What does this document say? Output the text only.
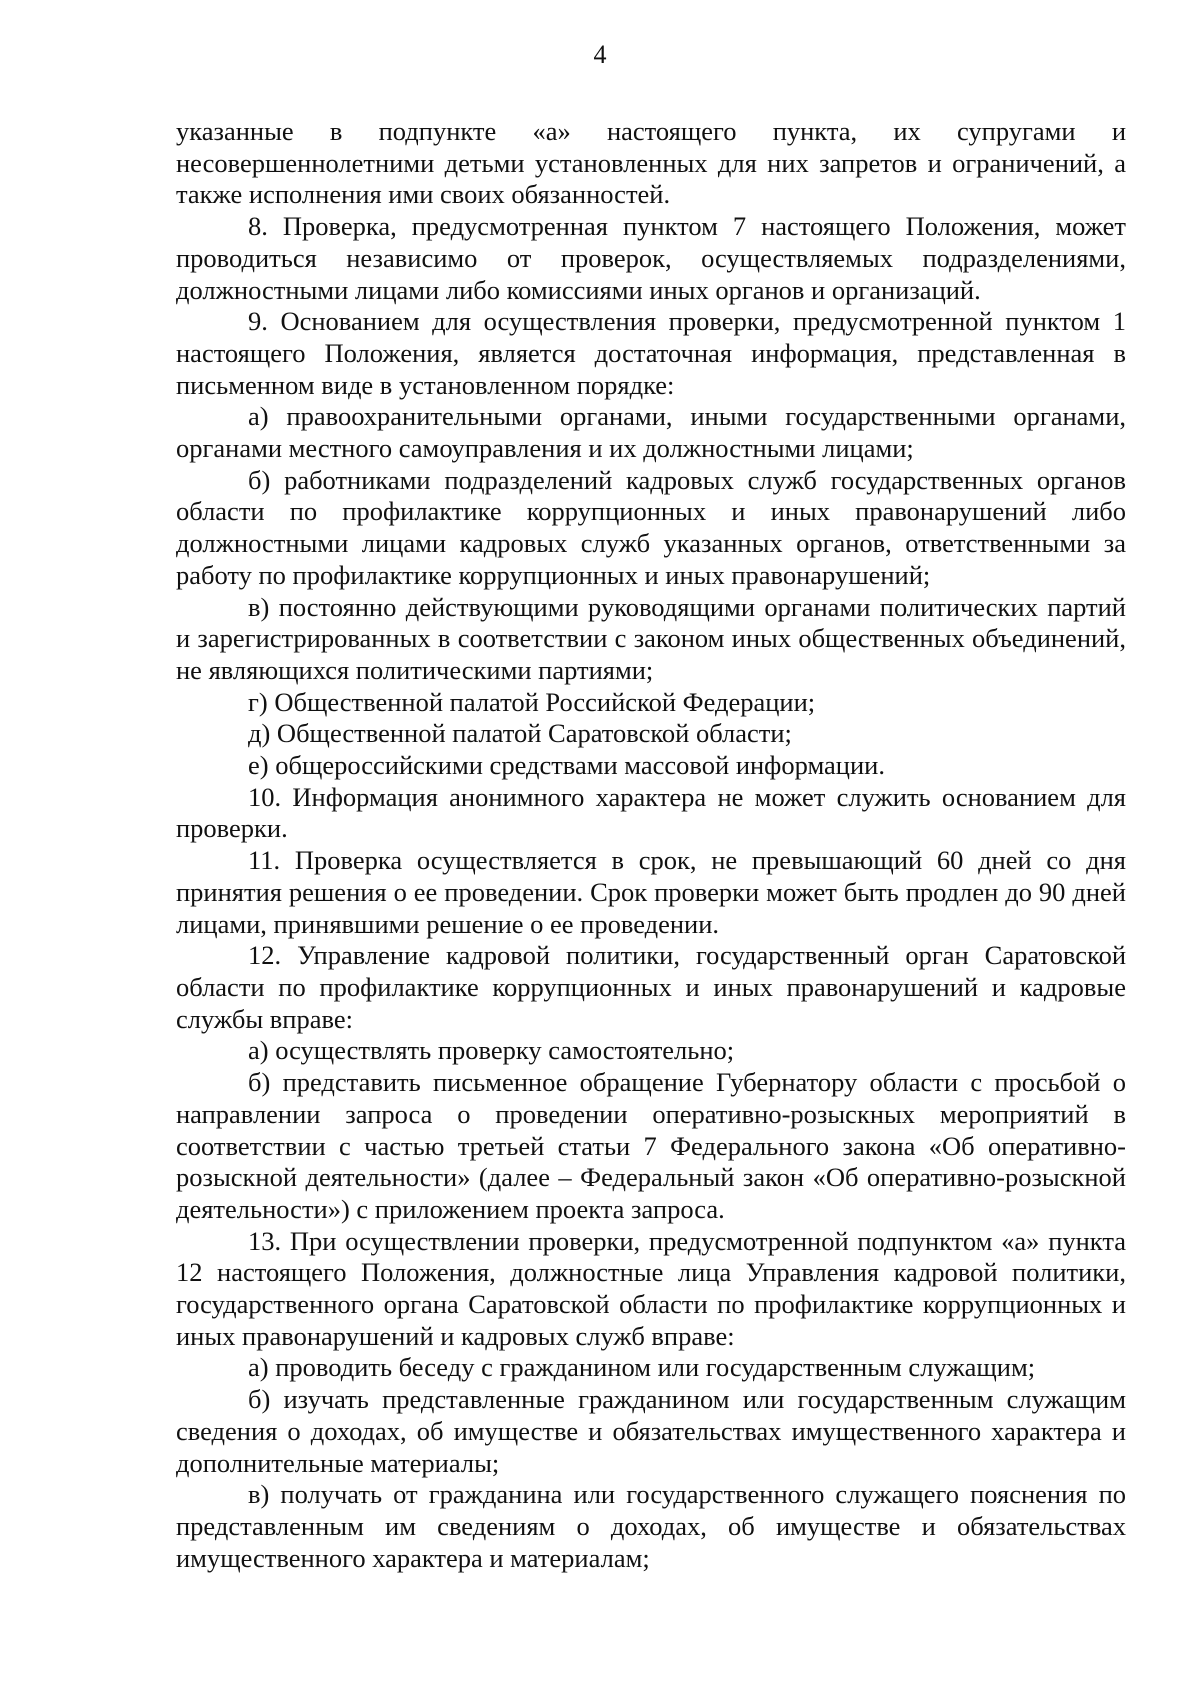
4

указанные в подпункте «а» настоящего пункта, их супругами и несовершеннолетними детьми установленных для них запретов и ограничений, а также исполнения ими своих обязанностей.

8. Проверка, предусмотренная пунктом 7 настоящего Положения, может проводиться независимо от проверок, осуществляемых подразделениями, должностными лицами либо комиссиями иных органов и организаций.

9. Основанием для осуществления проверки, предусмотренной пунктом 1 настоящего Положения, является достаточная информация, представленная в письменном виде в установленном порядке:

а) правоохранительными органами, иными государственными органами, органами местного самоуправления и их должностными лицами;

б) работниками подразделений кадровых служб государственных органов области по профилактике коррупционных и иных правонарушений либо должностными лицами кадровых служб указанных органов, ответственными за работу по профилактике коррупционных и иных правонарушений;

в) постоянно действующими руководящими органами политических партий и зарегистрированных в соответствии с законом иных общественных объединений, не являющихся политическими партиями;

г) Общественной палатой Российской Федерации;

д) Общественной палатой Саратовской области;

е) общероссийскими средствами массовой информации.

10. Информация анонимного характера не может служить основанием для проверки.

11. Проверка осуществляется в срок, не превышающий 60 дней со дня принятия решения о ее проведении. Срок проверки может быть продлен до 90 дней лицами, принявшими решение о ее проведении.

12. Управление кадровой политики, государственный орган Саратовской области по профилактике коррупционных и иных правонарушений и кадровые службы вправе:

а) осуществлять проверку самостоятельно;

б) представить письменное обращение Губернатору области с просьбой о направлении запроса о проведении оперативно-розыскных мероприятий в соответствии с частью третьей статьи 7 Федерального закона «Об оперативно-розыскной деятельности» (далее – Федеральный закон «Об оперативно-розыскной деятельности») с приложением проекта запроса.

13. При осуществлении проверки, предусмотренной подпунктом «а» пункта 12 настоящего Положения, должностные лица Управления кадровой политики, государственного органа Саратовской области по профилактике коррупционных и иных правонарушений и кадровых служб вправе:

а) проводить беседу с гражданином или государственным служащим;

б) изучать представленные гражданином или государственным служащим сведения о доходах, об имуществе и обязательствах имущественного характера и дополнительные материалы;

в) получать от гражданина или государственного служащего пояснения по представленным им сведениям о доходах, об имуществе и обязательствах имущественного характера и материалам;
